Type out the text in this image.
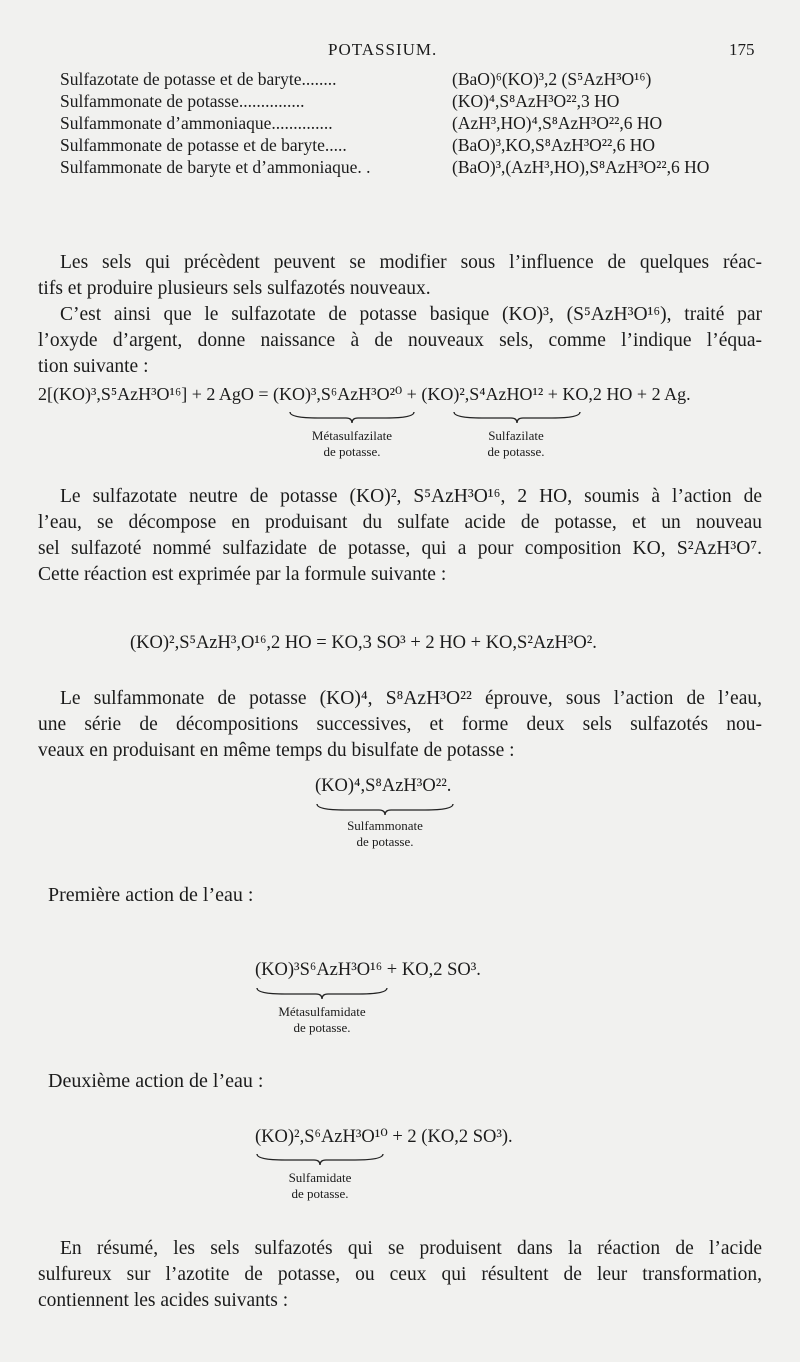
POTASSIUM.	175
Sulfazotate de potasse et de baryte........	(BaO)⁶(KO)³,2 (S⁵AzH³O¹⁶)
Sulfammonate de potasse...............	(KO)⁴,S⁸AzH³O²²,3 HO
Sulfammonate d’ammoniaque..............	(AzH³,HO)⁴,S⁸AzH³O²²,6 HO
Sulfammonate de potasse et de baryte.....	(BaO)³,KO,S⁸AzH³O²²,6 HO
Sulfammonate de baryte et d’ammoniaque. .	(BaO)³,(AzH³,HO),S⁸AzH³O²²,6 HO
Les sels qui précèdent peuvent se modifier sous l’influence de quelques réac-
tifs et produire plusieurs sels sulfazotés nouveaux.
C’est ainsi que le sulfazotate de potasse basique (KO)³, (S⁵AzH³O¹⁶), traité par
l’oxyde d’argent, donne naissance à de nouveaux sels, comme l’indique l’équa-
tion suivante :
2[(KO)³,S⁵AzH³O¹⁶] + 2 AgO = (KO)³,S⁶AzH³O²⁰ + (KO)²,S⁴AzHO¹² + KO,2 HO + 2 Ag.
Métasulfazilate
de potasse.
Sulfazilate
de potasse.
Le sulfazotate neutre de potasse (KO)², S⁵AzH³O¹⁶, 2 HO, soumis à l’action de
l’eau, se décompose en produisant du sulfate acide de potasse, et un nouveau
sel sulfazoté nommé sulfazidate de potasse, qui a pour composition KO, S²AzH³O⁷.
Cette réaction est exprimée par la formule suivante :
(KO)²,S⁵AzH³,O¹⁶,2 HO = KO,3 SO³ + 2 HO + KO,S²AzH³O².
Le sulfammonate de potasse (KO)⁴, S⁸AzH³O²² éprouve, sous l’action de l’eau,
une série de décompositions successives, et forme deux sels sulfazotés nou-
veaux en produisant en même temps du bisulfate de potasse :
(KO)⁴,S⁸AzH³O²².
Sulfammonate
de potasse.
Première action de l’eau :
(KO)³S⁶AzH³O¹⁶ + KO,2 SO³.
Métasulfamidate
de potasse.
Deuxième action de l’eau :
(KO)²,S⁶AzH³O¹⁰ + 2 (KO,2 SO³).
Sulfamidate
de potasse.
En résumé, les sels sulfazotés qui se produisent dans la réaction de l’acide
sulfureux sur l’azotite de potasse, ou ceux qui résultent de leur transformation,
contiennent les acides suivants :
